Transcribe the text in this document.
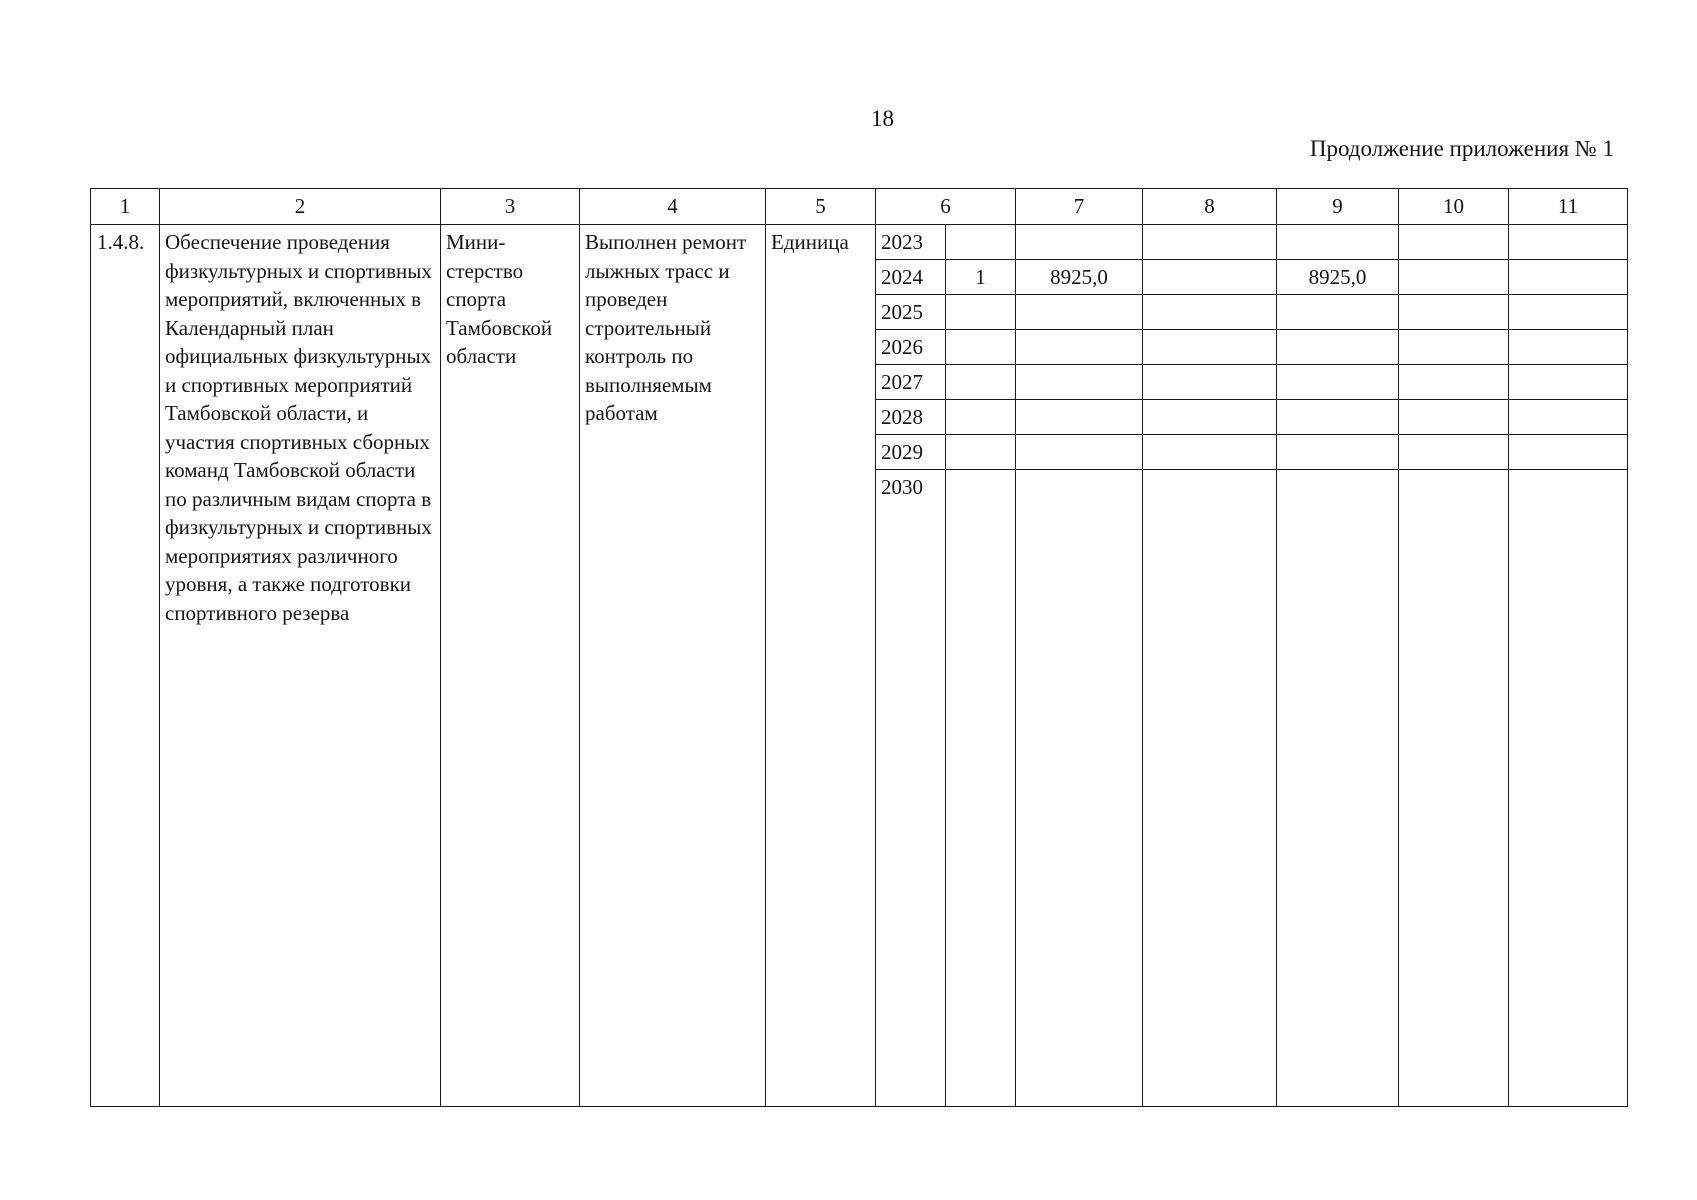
18
Продолжение приложения № 1
1	2	3	4	5	6		7	8	9	10	11
1.4.8.	Обеспечение проведения физкультурных и спортивных мероприятий, включенных в Календарный план официальных физкультурных и спортивных мероприятий Тамбовской области, и участия спортивных сборных команд Тамбовской области по различным видам спорта в физкультурных и спортивных мероприятиях различного уровня, а также подготовки спортивного резерва	Мини-стерство спорта Тамбовской области	Выполнен ремонт лыжных трасс и проведен строительный контроль по выполняемым работам	Единица	2023						
					2024	1	8925,0		8925,0		
					2025						
					2026						
					2027						
					2028						
					2029						
					2030						
